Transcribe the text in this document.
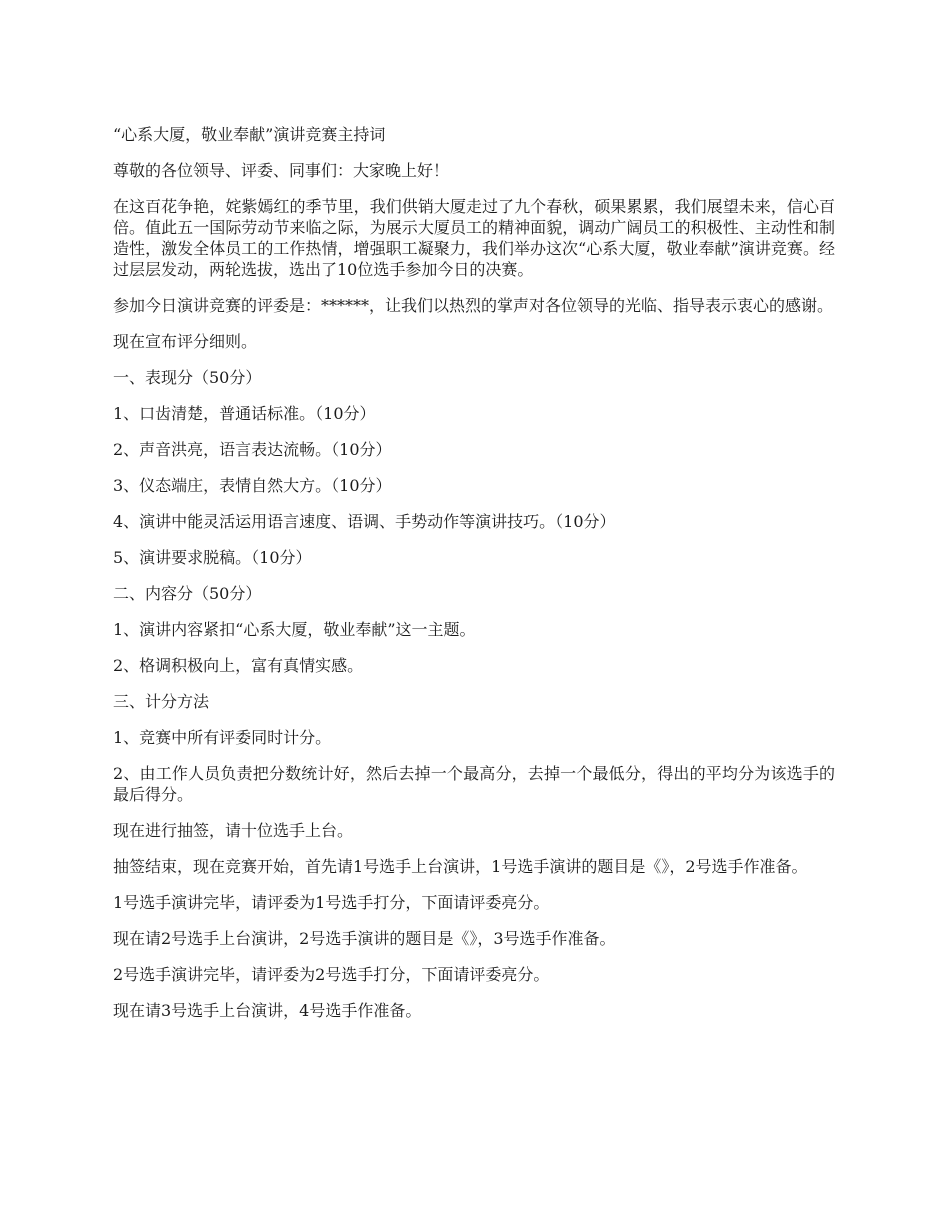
“心系大厦，敬业奉献”演讲竞赛主持词

尊敬的各位领导、评委、同事们：大家晚上好！

在这百花争艳，姹紫嫣红的季节里，我们供销大厦走过了九个春秋，硕果累累，我们展望未来，信心百倍。值此五一国际劳动节来临之际，为展示大厦员工的精神面貌，调动广阔员工的积极性、主动性和制造性，激发全体员工的工作热情，增强职工凝聚力，我们举办这次“心系大厦，敬业奉献”演讲竞赛。经过层层发动，两轮选拔，选出了10位选手参加今日的决赛。

参加今日演讲竞赛的评委是：******，让我们以热烈的掌声对各位领导的光临、指导表示衷心的感谢。

现在宣布评分细则。

一、表现分（50分）

1、口齿清楚，普通话标准。（10分）

2、声音洪亮，语言表达流畅。（10分）

3、仪态端庄，表情自然大方。（10分）

4、演讲中能灵活运用语言速度、语调、手势动作等演讲技巧。（10分）

5、演讲要求脱稿。（10分）

二、内容分（50分）

1、演讲内容紧扣“心系大厦，敬业奉献”这一主题。

2、格调积极向上，富有真情实感。

三、计分方法

1、竞赛中所有评委同时计分。

2、由工作人员负责把分数统计好，然后去掉一个最高分，去掉一个最低分，得出的平均分为该选手的最后得分。

现在进行抽签，请十位选手上台。

抽签结束，现在竞赛开始，首先请1号选手上台演讲，1号选手演讲的题目是《》，2号选手作准备。

1号选手演讲完毕，请评委为1号选手打分，下面请评委亮分。

现在请2号选手上台演讲，2号选手演讲的题目是《》，3号选手作准备。

2号选手演讲完毕，请评委为2号选手打分，下面请评委亮分。

现在请3号选手上台演讲，4号选手作准备。
